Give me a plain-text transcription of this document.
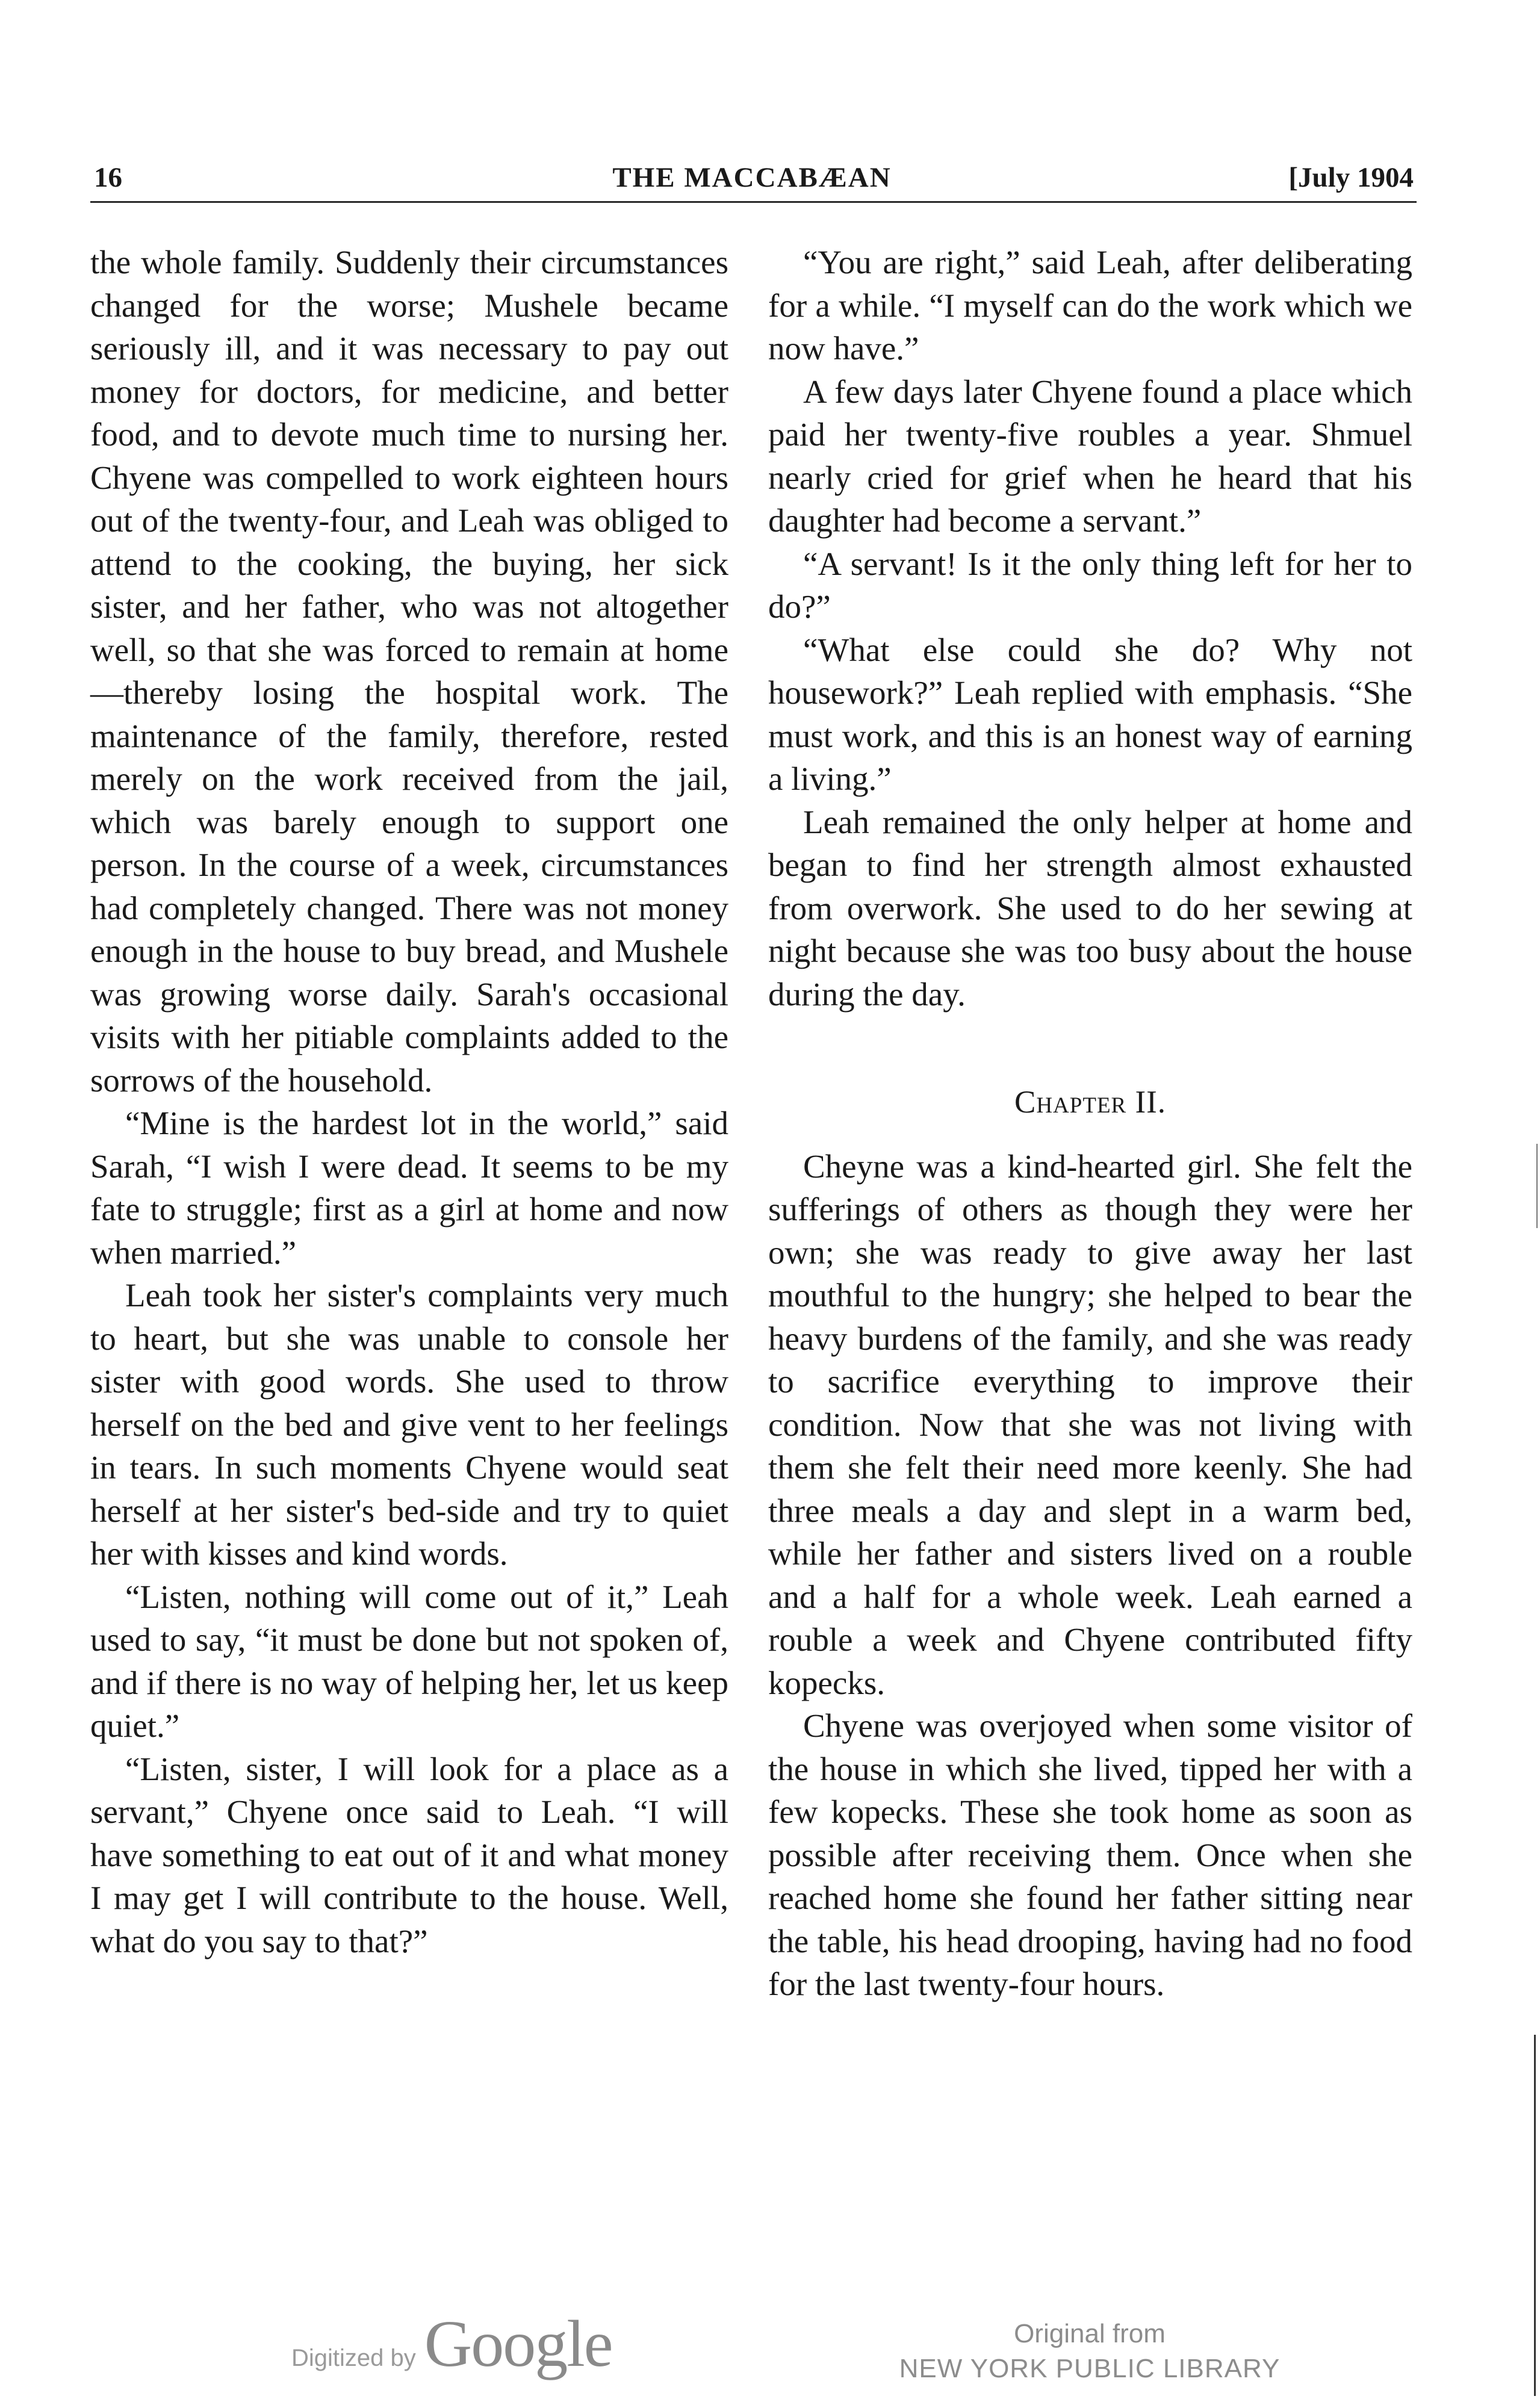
16	THE MACCABÆAN	[July 1904

the whole family. Suddenly their circumstances changed for the worse; Mushele became seriously ill, and it was necessary to pay out money for doctors, for medicine, and better food, and to devote much time to nursing her. Chyene was compelled to work eighteen hours out of the twenty-four, and Leah was obliged to attend to the cooking, the buying, her sick sister, and her father, who was not altogether well, so that she was forced to remain at home—thereby losing the hospital work. The maintenance of the family, therefore, rested merely on the work received from the jail, which was barely enough to support one person. In the course of a week, circumstances had completely changed. There was not money enough in the house to buy bread, and Mushele was growing worse daily. Sarah's occasional visits with her pitiable complaints added to the sorrows of the household.

“Mine is the hardest lot in the world,” said Sarah, “I wish I were dead. It seems to be my fate to struggle; first as a girl at home and now when married.”

Leah took her sister's complaints very much to heart, but she was unable to console her sister with good words. She used to throw herself on the bed and give vent to her feelings in tears. In such moments Chyene would seat herself at her sister's bed-side and try to quiet her with kisses and kind words.

“Listen, nothing will come out of it,” Leah used to say, “it must be done but not spoken of, and if there is no way of helping her, let us keep quiet.”

“Listen, sister, I will look for a place as a servant,” Chyene once said to Leah. “I will have something to eat out of it and what money I may get I will contribute to the house. Well, what do you say to that?”

“You are right,” said Leah, after deliberating for a while. “I myself can do the work which we now have.”

A few days later Chyene found a place which paid her twenty-five roubles a year. Shmuel nearly cried for grief when he heard that his daughter had become a servant.”

“A servant! Is it the only thing left for her to do?”

“What else could she do? Why not housework?” Leah replied with emphasis. “She must work, and this is an honest way of earning a living.”

Leah remained the only helper at home and began to find her strength almost exhausted from overwork. She used to do her sewing at night because she was too busy about the house during the day.

Chapter II.

Cheyne was a kind-hearted girl. She felt the sufferings of others as though they were her own; she was ready to give away her last mouthful to the hungry; she helped to bear the heavy burdens of the family, and she was ready to sacrifice everything to improve their condition. Now that she was not living with them she felt their need more keenly. She had three meals a day and slept in a warm bed, while her father and sisters lived on a rouble and a half for a whole week. Leah earned a rouble a week and Chyene contributed fifty kopecks.

Chyene was overjoyed when some visitor of the house in which she lived, tipped her with a few kopecks. These she took home as soon as possible after receiving them. Once when she reached home she found her father sitting near the table, his head drooping, having had no food for the last twenty-four hours.

Digitized by Google	Original from
NEW YORK PUBLIC LIBRARY
